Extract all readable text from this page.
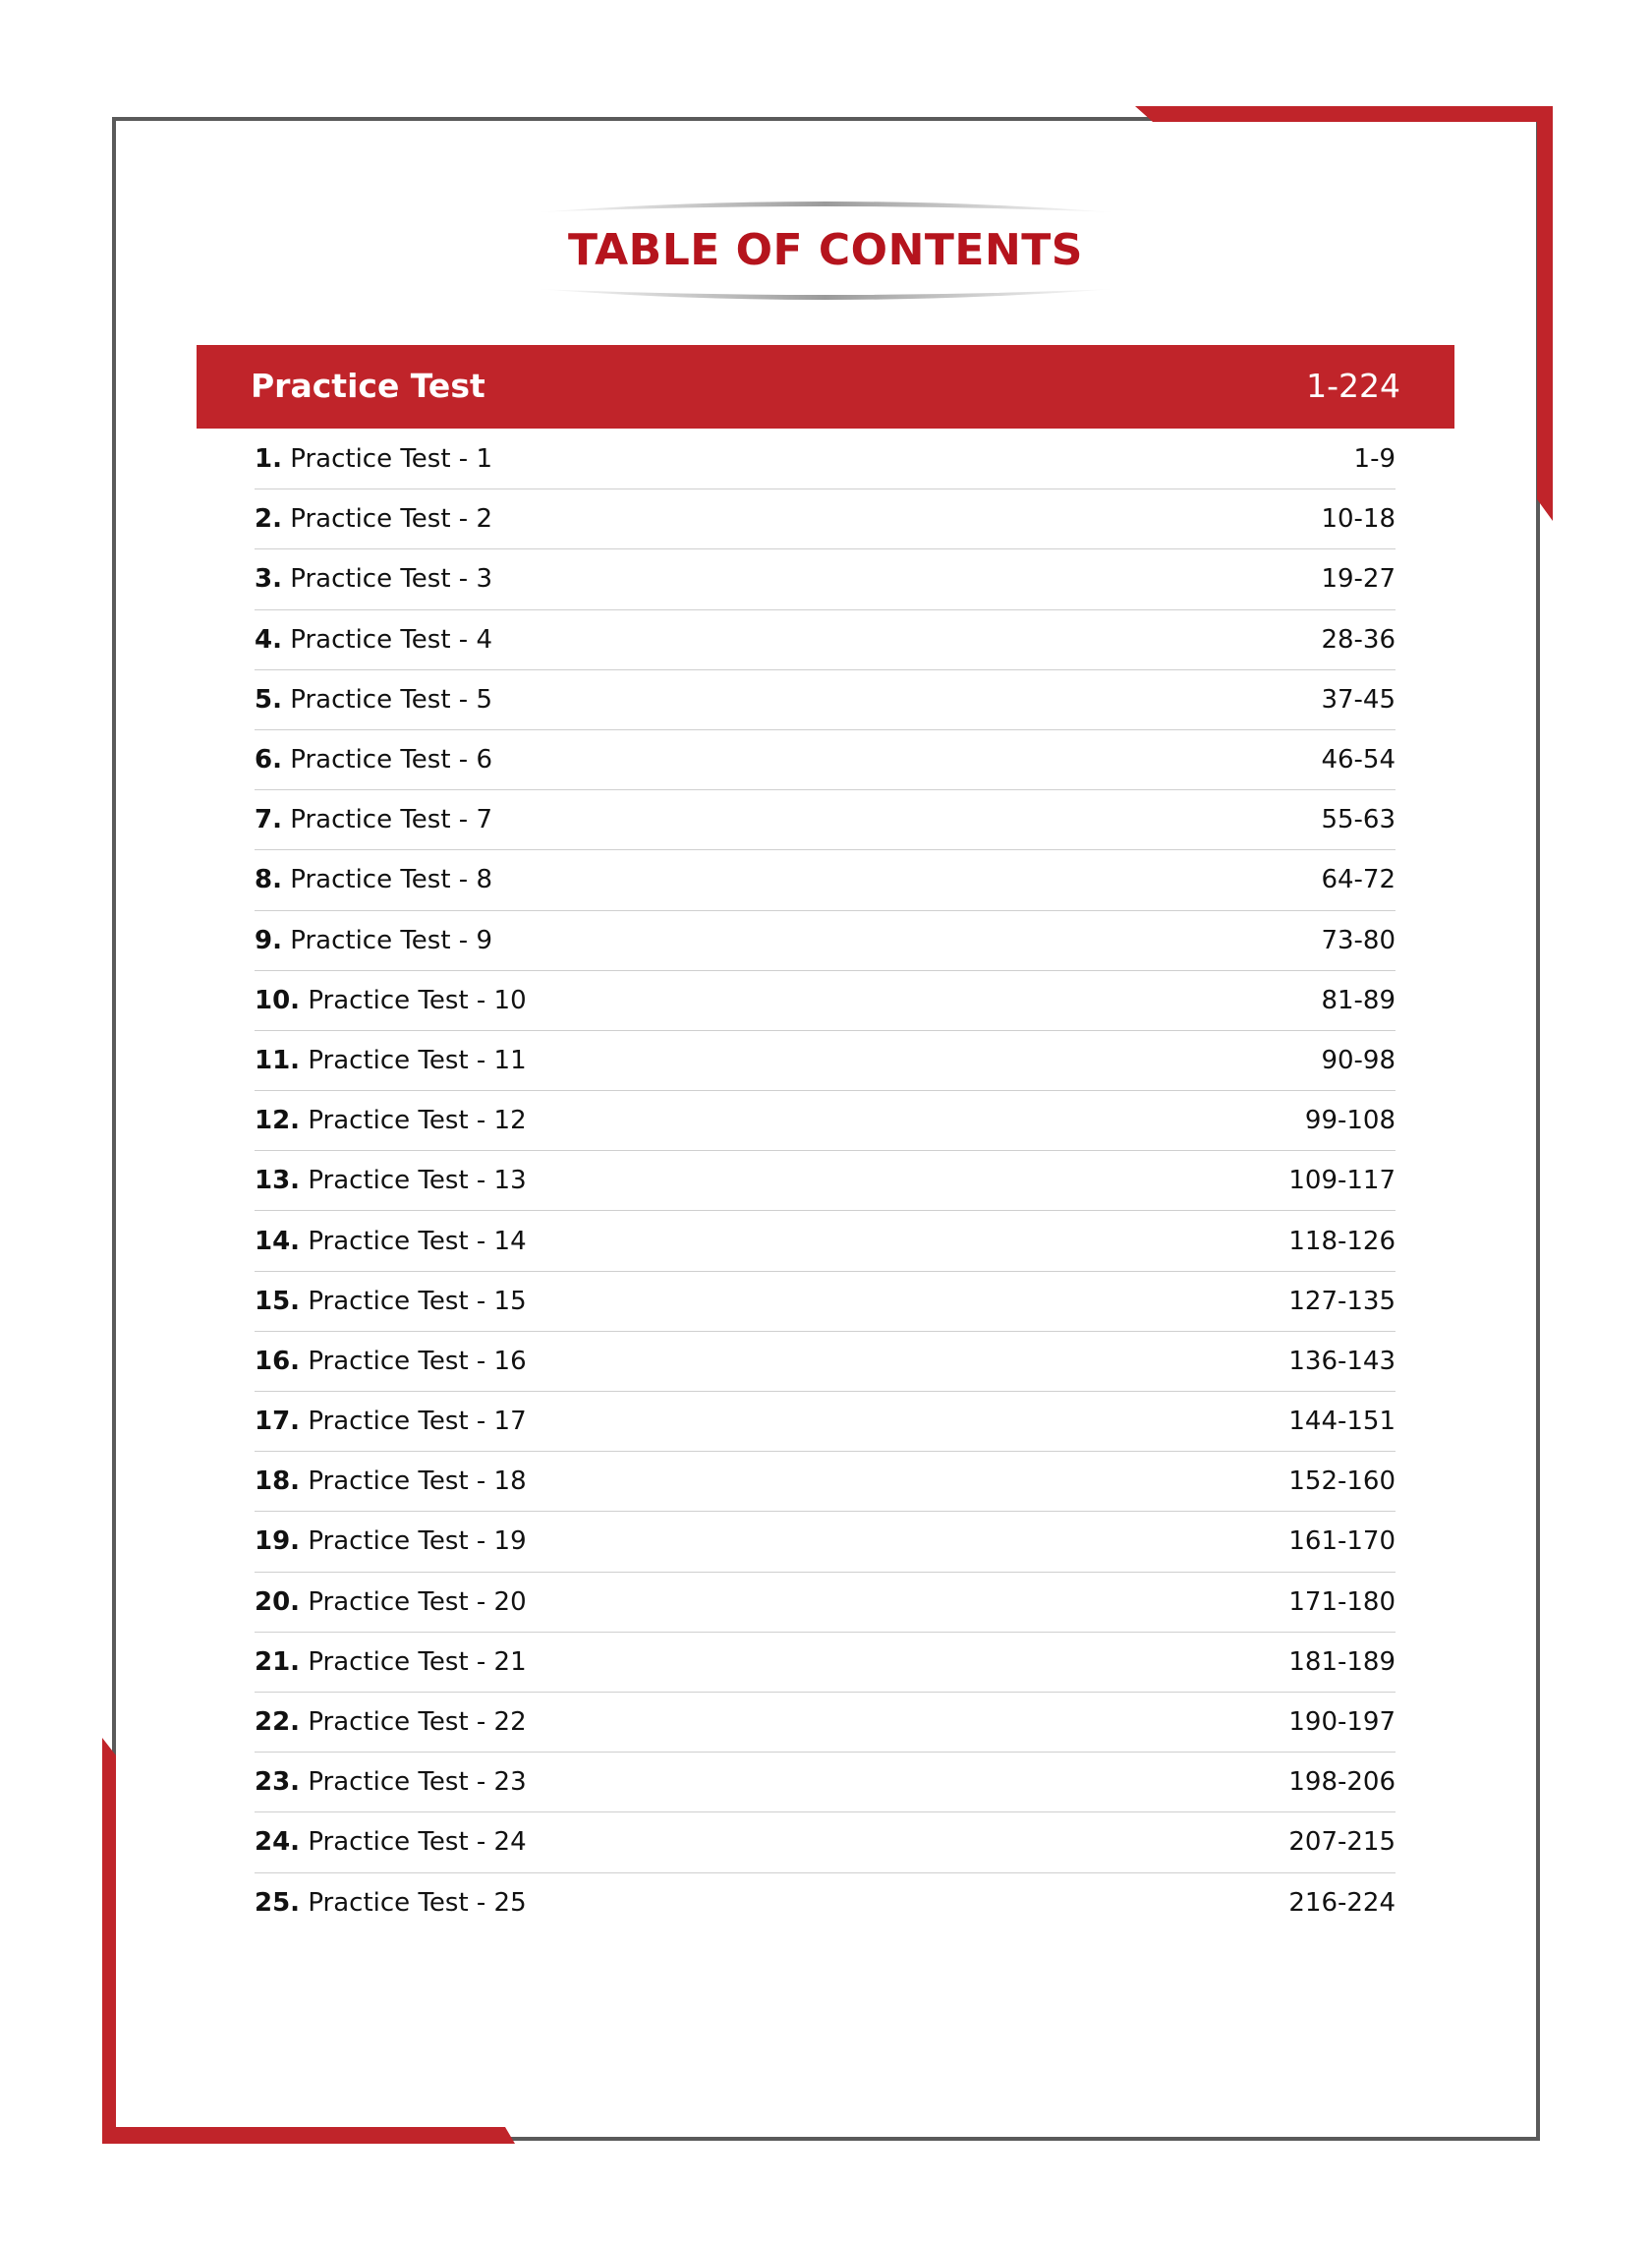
TABLE OF CONTENTS
Practice Test	1-224
1. Practice Test - 1	1-9
2. Practice Test - 2	10-18
3. Practice Test - 3	19-27
4. Practice Test - 4	28-36
5. Practice Test - 5	37-45
6. Practice Test - 6	46-54
7. Practice Test - 7	55-63
8. Practice Test - 8	64-72
9. Practice Test - 9	73-80
10. Practice Test - 10	81-89
11. Practice Test - 11	90-98
12. Practice Test - 12	99-108
13. Practice Test - 13	109-117
14. Practice Test - 14	118-126
15. Practice Test - 15	127-135
16. Practice Test - 16	136-143
17. Practice Test - 17	144-151
18. Practice Test - 18	152-160
19. Practice Test - 19	161-170
20. Practice Test - 20	171-180
21. Practice Test - 21	181-189
22. Practice Test - 22	190-197
23. Practice Test - 23	198-206
24. Practice Test - 24	207-215
25. Practice Test - 25	216-224
